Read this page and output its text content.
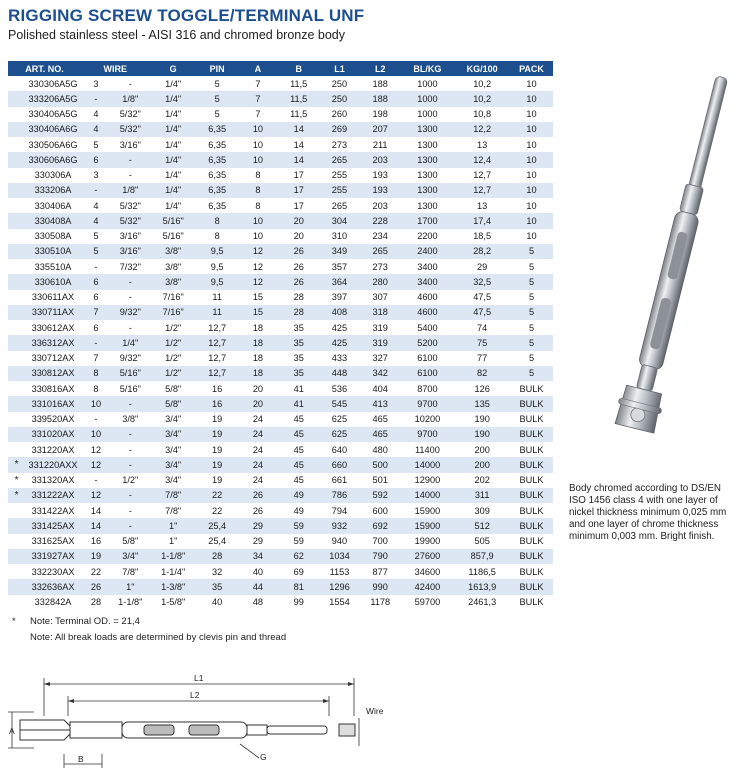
RIGGING SCREW TOGGLE/TERMINAL UNF
Polished stainless steel - AISI 316 and chromed bronze body
ART. NO.		WIRE		G	PIN	A	B	L1	L2	BL/KG	KG/100	PACK
	330306A5G	3	-	1/4"	5	7	11,5	250	188	1000	10,2	10
	333206A5G	-	1/8"	1/4"	5	7	11,5	250	188	1000	10,2	10
	330406A5G	4	5/32"	1/4"	5	7	11,5	260	198	1000	10,8	10
	330406A6G	4	5/32"	1/4"	6,35	10	14	269	207	1300	12,2	10
	330506A6G	5	3/16"	1/4"	6,35	10	14	273	211	1300	13	10
	330606A6G	6	-	1/4"	6,35	10	14	265	203	1300	12,4	10
	330306A	3	-	1/4"	6,35	8	17	255	193	1300	12,7	10
	333206A	-	1/8"	1/4"	6,35	8	17	255	193	1300	12,7	10
	330406A	4	5/32"	1/4"	6,35	8	17	265	203	1300	13	10
	330408A	4	5/32"	5/16"	8	10	20	304	228	1700	17,4	10
	330508A	5	3/16"	5/16"	8	10	20	310	234	2200	18,5	10
	330510A	5	3/16"	3/8"	9,5	12	26	349	265	2400	28,2	5
	335510A	-	7/32"	3/8"	9,5	12	26	357	273	3400	29	5
	330610A	6	-	3/8"	9,5	12	26	364	280	3400	32,5	5
	330611AX	6	-	7/16"	11	15	28	397	307	4600	47,5	5
	330711AX	7	9/32"	7/16"	11	15	28	408	318	4600	47,5	5
	330612AX	6	-	1/2"	12,7	18	35	425	319	5400	74	5
	336312AX	-	1/4"	1/2"	12,7	18	35	425	319	5200	75	5
	330712AX	7	9/32"	1/2"	12,7	18	35	433	327	6100	77	5
	330812AX	8	5/16"	1/2"	12,7	18	35	448	342	6100	82	5
	330816AX	8	5/16"	5/8"	16	20	41	536	404	8700	126	BULK
	331016AX	10	-	5/8"	16	20	41	545	413	9700	135	BULK
	339520AX	-	3/8"	3/4"	19	24	45	625	465	10200	190	BULK
	331020AX	10	-	3/4"	19	24	45	625	465	9700	190	BULK
	331220AX	12	-	3/4"	19	24	45	640	480	11400	200	BULK
*	331220AXX	12	-	3/4"	19	24	45	660	500	14000	200	BULK
*	331320AX	-	1/2"	3/4"	19	24	45	661	501	12900	202	BULK
*	331222AX	12	-	7/8"	22	26	49	786	592	14000	311	BULK
	331422AX	14	-	7/8"	22	26	49	794	600	15900	309	BULK
	331425AX	14	-	1"	25,4	29	59	932	692	15900	512	BULK
	331625AX	16	5/8"	1"	25,4	29	59	940	700	19900	505	BULK
	331927AX	19	3/4"	1-1/8"	28	34	62	1034	790	27600	857,9	BULK
	332230AX	22	7/8"	1-1/4"	32	40	69	1153	877	34600	1186,5	BULK
	332636AX	26	1"	1-3/8"	35	44	81	1296	990	42400	1613,9	BULK
	332842A	28	1-1/8"	1-5/8"	40	48	99	1554	1178	59700	2461,3	BULK
* Note: Terminal OD. = 21,4
Note: All break loads are determined by clevis pin and thread
Body chromed according to DS/EN ISO 1456 class 4 with one layer of nickel thickness minimum 0,025 mm and one layer of chrome thickness minimum 0,003 mm. Bright finish.
L1
L2
Wire
A
B	G
